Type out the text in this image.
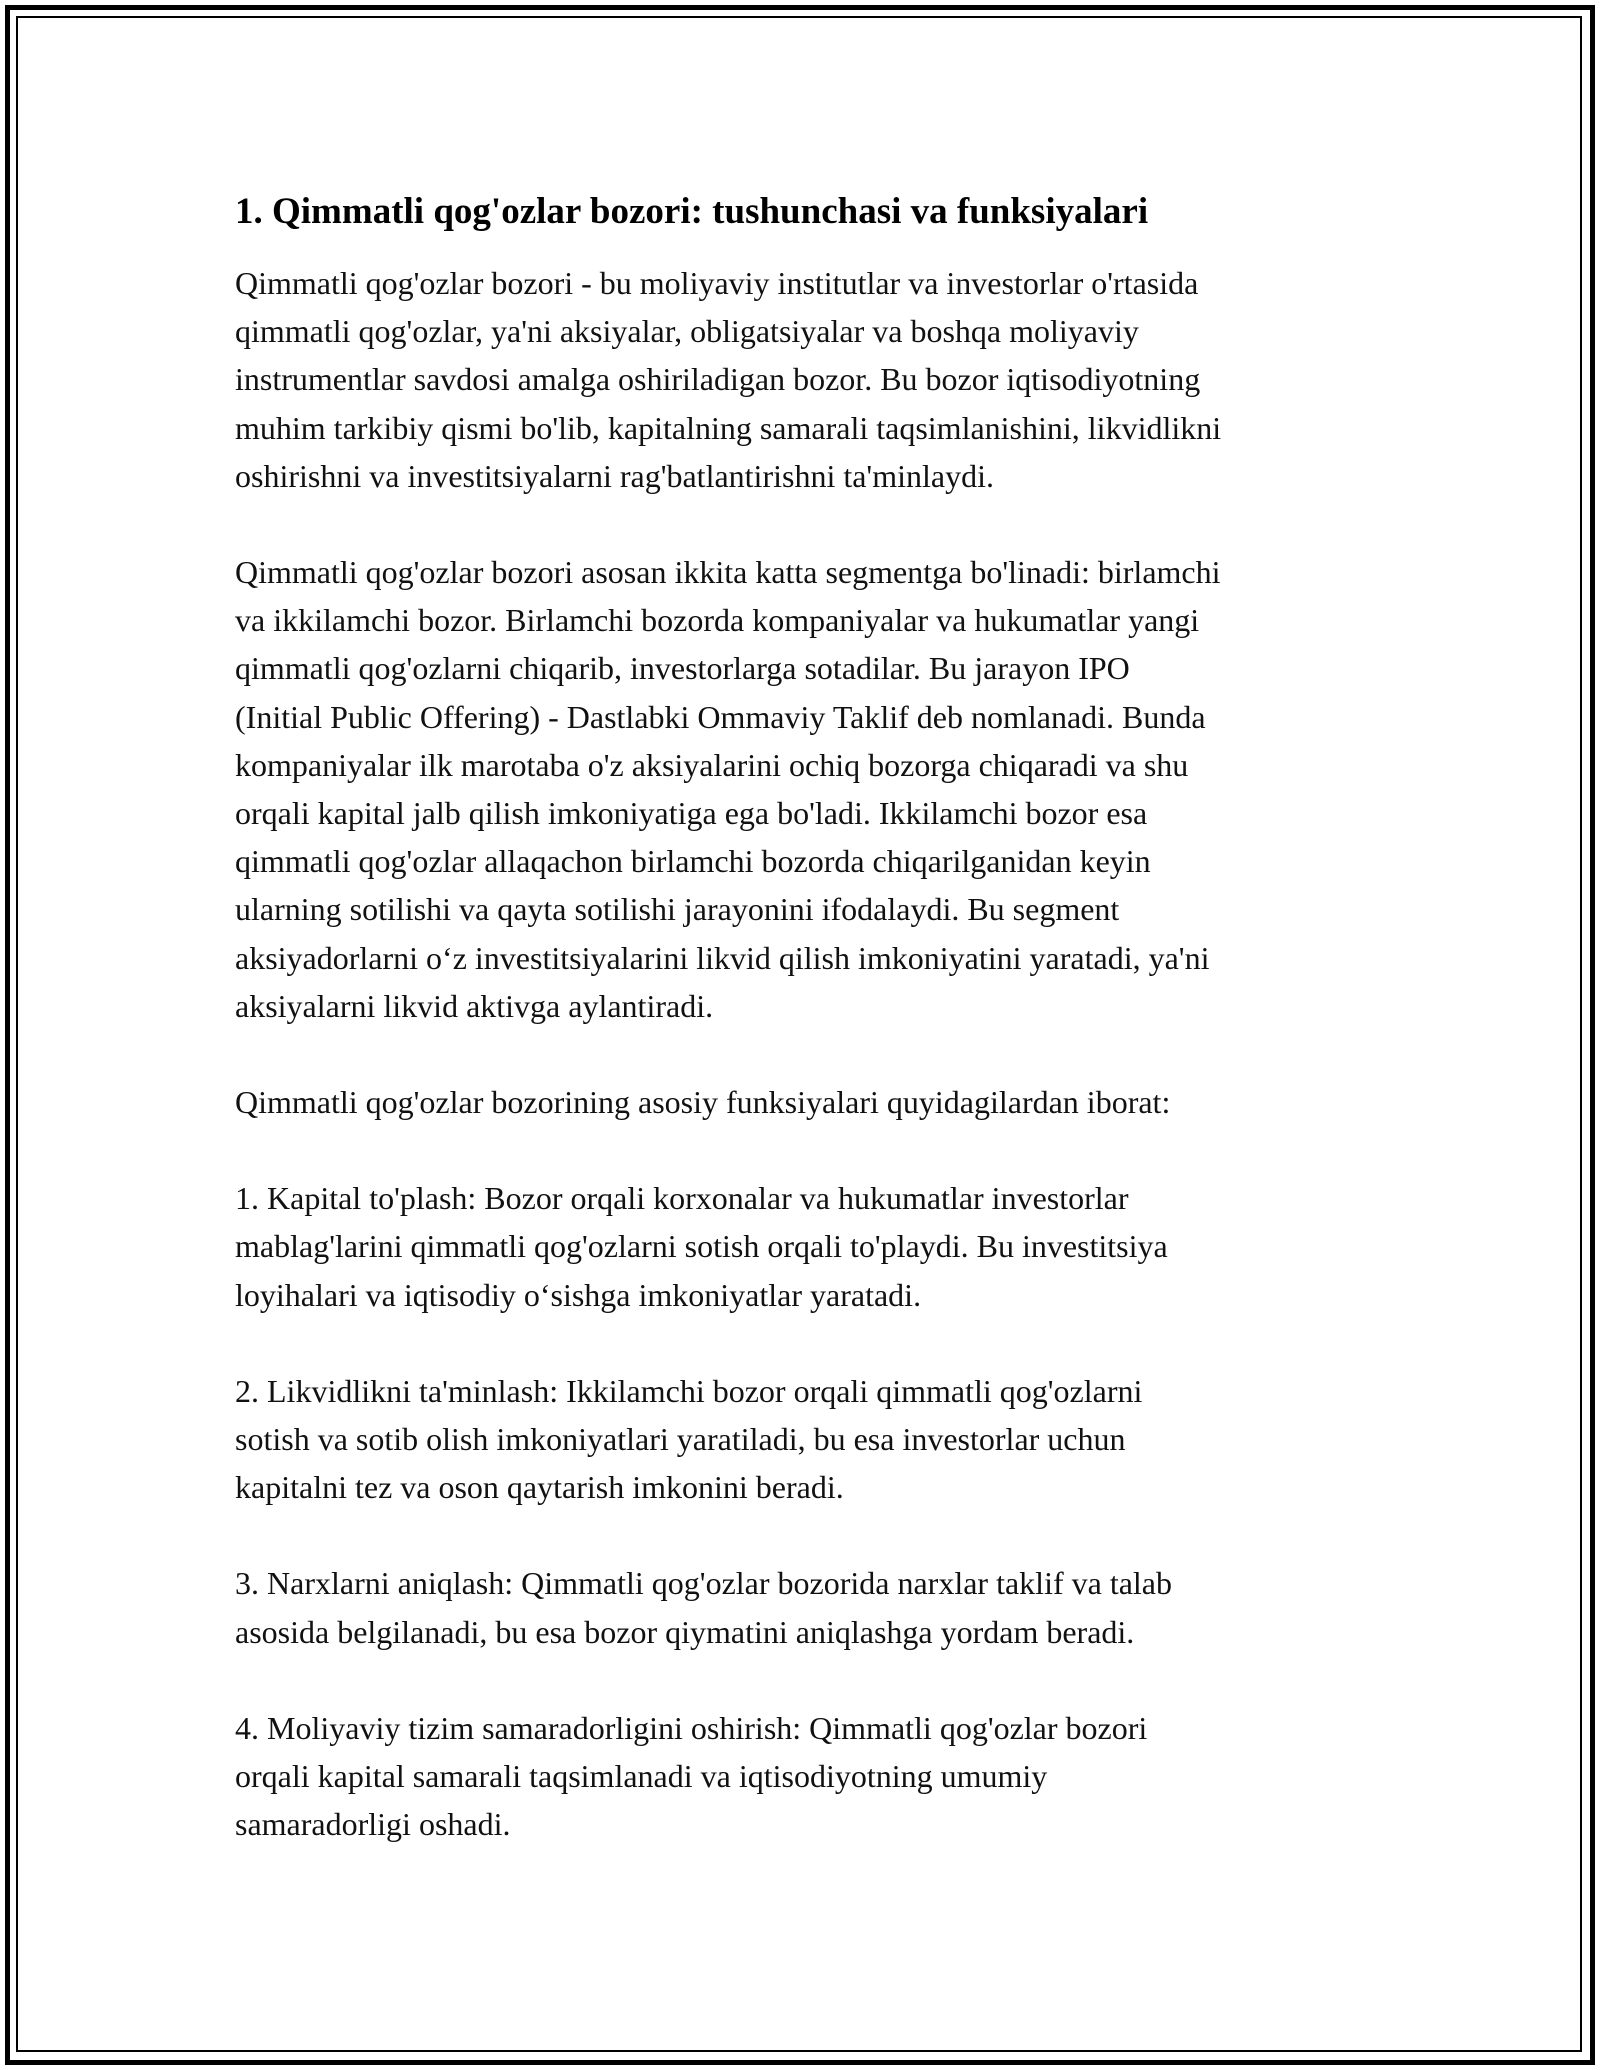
1. Qimmatli qog'ozlar bozori: tushunchasi va funksiyalari

Qimmatli qog'ozlar bozori - bu moliyaviy institutlar va investorlar o'rtasida
qimmatli qog'ozlar, ya'ni aksiyalar, obligatsiyalar va boshqa moliyaviy
instrumentlar savdosi amalga oshiriladigan bozor. Bu bozor iqtisodiyotning
muhim tarkibiy qismi bo'lib, kapitalning samarali taqsimlanishini, likvidlikni
oshirishni va investitsiyalarni rag'batlantirishni ta'minlaydi.

Qimmatli qog'ozlar bozori asosan ikkita katta segmentga bo'linadi: birlamchi
va ikkilamchi bozor. Birlamchi bozorda kompaniyalar va hukumatlar yangi
qimmatli qog'ozlarni chiqarib, investorlarga sotadilar. Bu jarayon IPO
(Initial Public Offering) - Dastlabki Ommaviy Taklif deb nomlanadi. Bunda
kompaniyalar ilk marotaba o'z aksiyalarini ochiq bozorga chiqaradi va shu
orqali kapital jalb qilish imkoniyatiga ega bo'ladi. Ikkilamchi bozor esa
qimmatli qog'ozlar allaqachon birlamchi bozorda chiqarilganidan keyin
ularning sotilishi va qayta sotilishi jarayonini ifodalaydi. Bu segment
aksiyadorlarni o‘z investitsiyalarini likvid qilish imkoniyatini yaratadi, ya'ni
aksiyalarni likvid aktivga aylantiradi.

Qimmatli qog'ozlar bozorining asosiy funksiyalari quyidagilardan iborat:

1. Kapital to'plash: Bozor orqali korxonalar va hukumatlar investorlar
mablag'larini qimmatli qog'ozlarni sotish orqali to'playdi. Bu investitsiya
loyihalari va iqtisodiy o‘sishga imkoniyatlar yaratadi.

2. Likvidlikni ta'minlash: Ikkilamchi bozor orqali qimmatli qog'ozlarni
sotish va sotib olish imkoniyatlari yaratiladi, bu esa investorlar uchun
kapitalni tez va oson qaytarish imkonini beradi.

3. Narxlarni aniqlash: Qimmatli qog'ozlar bozorida narxlar taklif va talab
asosida belgilanadi, bu esa bozor qiymatini aniqlashga yordam beradi.

4. Moliyaviy tizim samaradorligini oshirish: Qimmatli qog'ozlar bozori
orqali kapital samarali taqsimlanadi va iqtisodiyotning umumiy
samaradorligi oshadi.
